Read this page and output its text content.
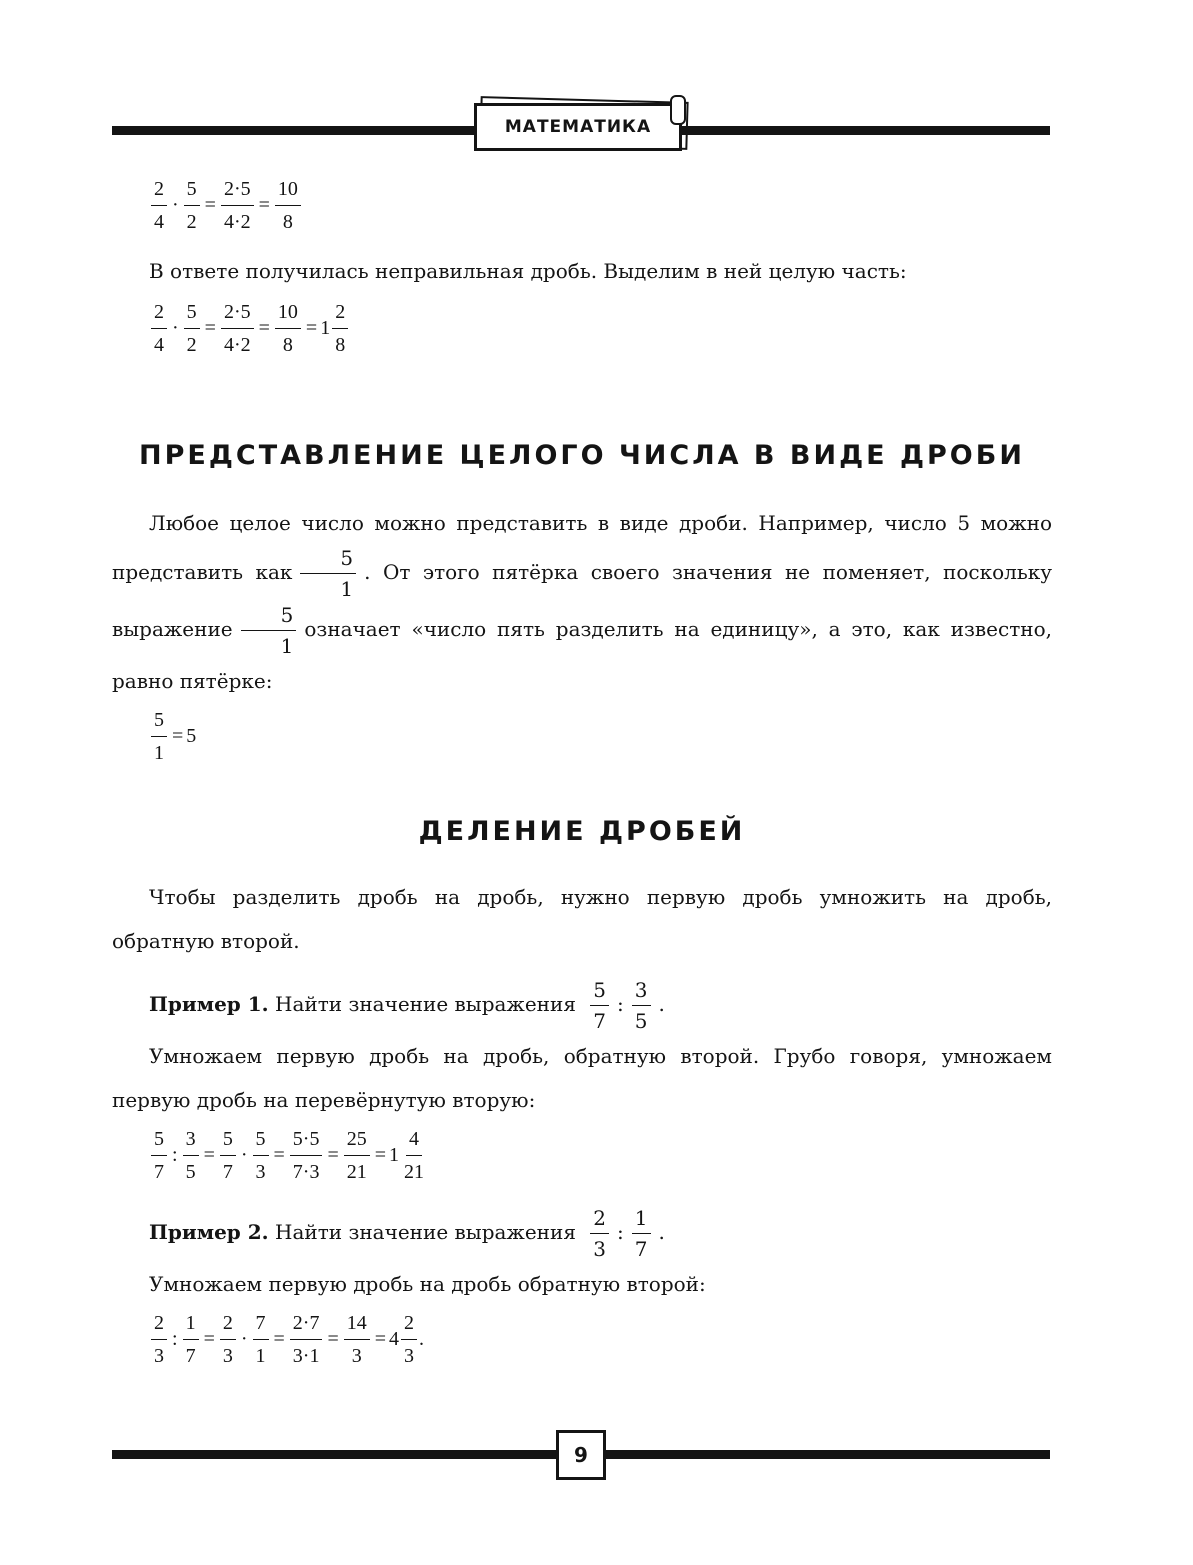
МАТЕМАТИКА
$\frac{2}{4} \cdot \frac{5}{2} = \frac{2\cdot 5}{4\cdot 2} = \frac{10}{8}$

В ответе получилась неправильная дробь. Выделим в ней целую часть:

$\frac{2}{4} \cdot \frac{5}{2} = \frac{2\cdot 5}{4\cdot 2} = \frac{10}{8} = 1 \frac{2}{8}$
ПРЕДСТАВЛЕНИЕ ЦЕЛОГО ЧИСЛА В ВИДЕ ДРОБИ

Любое целое число можно представить в виде дроби. Например, число 5 можно представить как $\frac{5}{1}$ . От этого пятёрка своего значения не поменяет, поскольку выражение $\frac{5}{1}$ означает «число пять разделить на единицу», а это, как известно, равно пятёрке:

$\frac{5}{1} = 5$
ДЕЛЕНИЕ ДРОБЕЙ

Чтобы разделить дробь на дробь, нужно первую дробь умножить на дробь, обратную второй.

Пример 1. Найти значение выражения $\frac{5}{7}$ : $\frac{3}{5}$ .

Умножаем первую дробь на дробь, обратную второй. Грубо говоря, умножаем первую дробь на перевёрнутую вторую:

$\frac{5}{7}$ : $\frac{3}{5} = \frac{5}{7} \cdot \frac{5}{3} = \frac{5\cdot 5}{7\cdot 3} = \frac{25}{21} = 1 \frac{4}{21}$

Пример 2. Найти значение выражения $\frac{2}{3}$ : $\frac{1}{7}$ .

Умножаем первую дробь на дробь обратную второй:

$\frac{2}{3}$ : $\frac{1}{7} = \frac{2}{3} \cdot \frac{7}{1} = \frac{2\cdot 7}{3\cdot 1} = \frac{14}{3} = 4 \frac{2}{3}$ .
9
